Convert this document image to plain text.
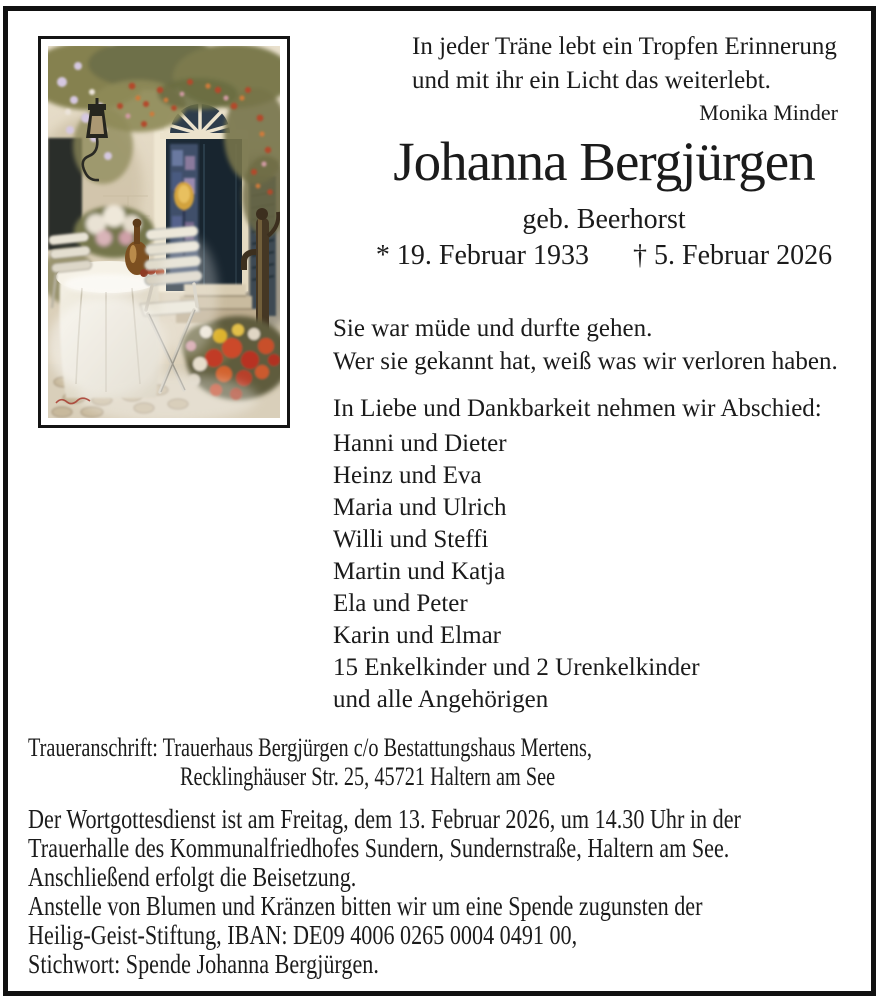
In jeder Träne lebt ein Tropfen Erinnerung
und mit ihr ein Licht das weiterlebt.
Monika Minder
Johanna Bergjürgen
geb. Beerhorst
* 19. Februar 1933 † 5. Februar 2026
Sie war müde und durfte gehen.
Wer sie gekannt hat, weiß was wir verloren haben.
In Liebe und Dankbarkeit nehmen wir Abschied:
Hanni und Dieter
Heinz und Eva
Maria und Ulrich
Willi und Steffi
Martin und Katja
Ela und Peter
Karin und Elmar
15 Enkelkinder und 2 Urenkelkinder
und alle Angehörigen
Traueranschrift: Trauerhaus Bergjürgen c/o Bestattungshaus Mertens,
Recklinghäuser Str. 25, 45721 Haltern am See
Der Wortgottesdienst ist am Freitag, dem 13. Februar 2026, um 14.30 Uhr in der
Trauerhalle des Kommunalfriedhofes Sundern, Sundernstraße, Haltern am See.
Anschließend erfolgt die Beisetzung.
Anstelle von Blumen und Kränzen bitten wir um eine Spende zugunsten der
Heilig-Geist-Stiftung, IBAN: DE09 4006 0265 0004 0491 00,
Stichwort: Spende Johanna Bergjürgen.
